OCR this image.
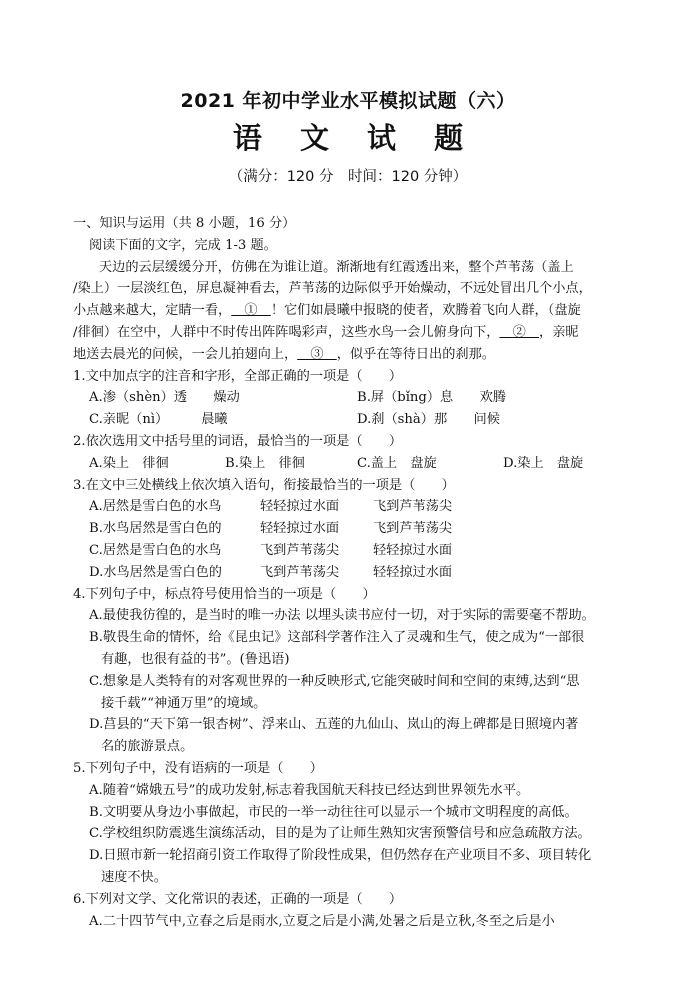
2021 年初中学业水平模拟试题（六）
语 文 试 题
（满分：120 分　时间：120 分钟）
一、知识与运用（共 8 小题，16 分）
阅读下面的文字，完成 1-3 题。
天边的云层缓缓分开，仿佛在为谁让道。渐渐地有红霞透出来，整个芦苇荡（盖上
/染上）一层淡红色，屏息凝神看去，芦苇荡的边际似乎开始燥动，不远处冒出几个小点，
小点越来越大，定睛一看，　①　！它们如晨曦中报晓的使者，欢腾着飞向人群，（盘旋
/徘徊）在空中，人群中不时传出阵阵喝彩声，这些水鸟一会儿俯身向下，　②　，亲昵
地送去晨光的问候，一会儿拍翅向上，　③　，似乎在等待日出的刹那。
1.文中加点字的注音和字形，全部正确的一项是（　　）
A.渗（shèn）透　　燥动	B.屏（bǐng）息　　欢腾
C.亲昵（nì）　　　晨曦	D.刹（shà）那　　问候
2.依次选用文中括号里的词语，最恰当的一项是（　　）
A.染上　徘徊	B.染上　徘徊	C.盖上　盘旋	D.染上　盘旋
3.在文中三处横线上依次填入语句，衔接最恰当的一项是（　　）
A.居然是雪白色的水鸟	轻轻掠过水面	飞到芦苇荡尖
B.水鸟居然是雪白色的	轻轻掠过水面	飞到芦苇荡尖
C.居然是雪白色的水鸟	飞到芦苇荡尖	轻轻掠过水面
D.水鸟居然是雪白色的	飞到芦苇荡尖	轻轻掠过水面
4.下列句子中，标点符号使用恰当的一项是（　　）
A.最使我彷徨的，是当时的唯一办法 以埋头读书应付一切，对于实际的需要毫不帮助。
B.敬畏生命的情怀，给《昆虫记》这部科学著作注入了灵魂和生气，使之成为“一部很
有趣，也很有益的书”。(鲁迅语)
C.想象是人类特有的对客观世界的一种反映形式,它能突破时间和空间的束缚,达到“思
接千载”“神通万里”的境域。
D.莒县的“天下第一银杏树”、浮来山、五莲的九仙山、岚山的海上碑都是日照境内著
名的旅游景点。
5.下列句子中，没有语病的一项是（　　）
A.随着“嫦娥五号”的成功发射,标志着我国航天科技已经达到世界领先水平。
B.文明要从身边小事做起，市民的一举一动往往可以显示一个城市文明程度的高低。
C.学校组织防震逃生演练活动，目的是为了让师生熟知灾害预警信号和应急疏散方法。
D.日照市新一轮招商引资工作取得了阶段性成果，但仍然存在产业项目不多、项目转化
速度不快。
6.下列对文学、文化常识的表述，正确的一项是（　　）
A.二十四节气中,立春之后是雨水,立夏之后是小满,处暑之后是立秋,冬至之后是小
